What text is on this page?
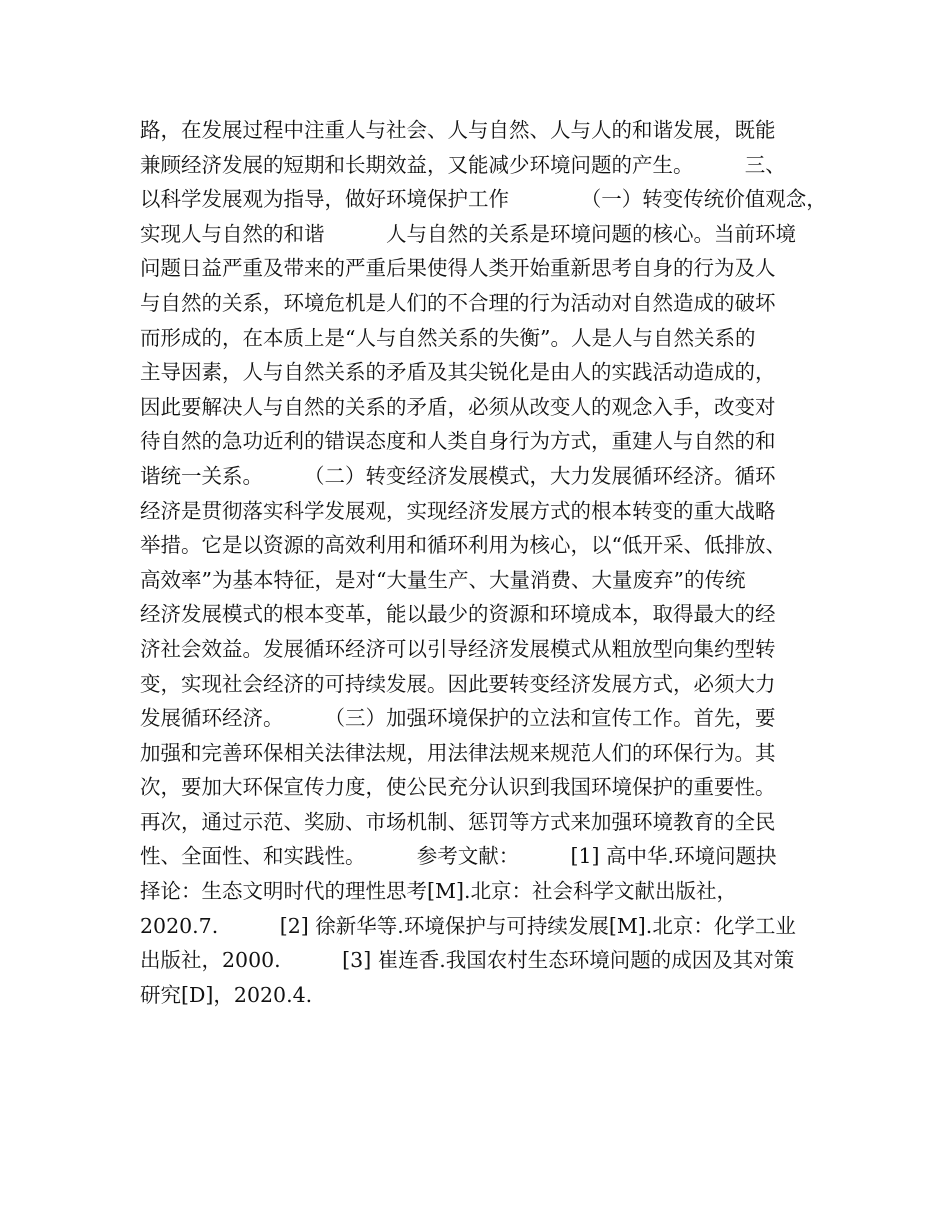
路，在发展过程中注重人与社会、人与自然、人与人的和谐发展，既能
兼顾经济发展的短期和长期效益，又能减少环境问题的产生。　　　三、
以科学发展观为指导，做好环境保护工作　　　　（一）转变传统价值观念，
实现人与自然的和谐　　　人与自然的关系是环境问题的核心。当前环境
问题日益严重及带来的严重后果使得人类开始重新思考自身的行为及人
与自然的关系，环境危机是人们的不合理的行为活动对自然造成的破坏
而形成的，在本质上是“人与自然关系的失衡”。人是人与自然关系的
主导因素，人与自然关系的矛盾及其尖锐化是由人的实践活动造成的，
因此要解决人与自然的关系的矛盾，必须从改变人的观念入手，改变对
待自然的急功近利的错误态度和人类自身行为方式，重建人与自然的和
谐统一关系。　　　（二）转变经济发展模式，大力发展循环经济。循环
经济是贯彻落实科学发展观，实现经济发展方式的根本转变的重大战略
举措。它是以资源的高效利用和循环利用为核心，以“低开采、低排放、
高效率”为基本特征，是对“大量生产、大量消费、大量废弃”的传统
经济发展模式的根本变革，能以最少的资源和环境成本，取得最大的经
济社会效益。发展循环经济可以引导经济发展模式从粗放型向集约型转
变，实现社会经济的可持续发展。因此要转变经济发展方式，必须大力
发展循环经济。　　　（三）加强环境保护的立法和宣传工作。首先，要
加强和完善环保相关法律法规，用法律法规来规范人们的环保行为。其
次，要加大环保宣传力度，使公民充分认识到我国环境保护的重要性。
再次，通过示范、奖励、市场机制、惩罚等方式来加强环境教育的全民
性、全面性、和实践性。　　　参考文献：　　　[1] 高中华.环境问题抉
择论：生态文明时代的理性思考[M].北京：社会科学文献出版社，
2020.7.　　　[2] 徐新华等.环境保护与可持续发展[M].北京：化学工业
出版社，2000.　　　[3] 崔连香.我国农村生态环境问题的成因及其对策
研究[D]，2020.4.
